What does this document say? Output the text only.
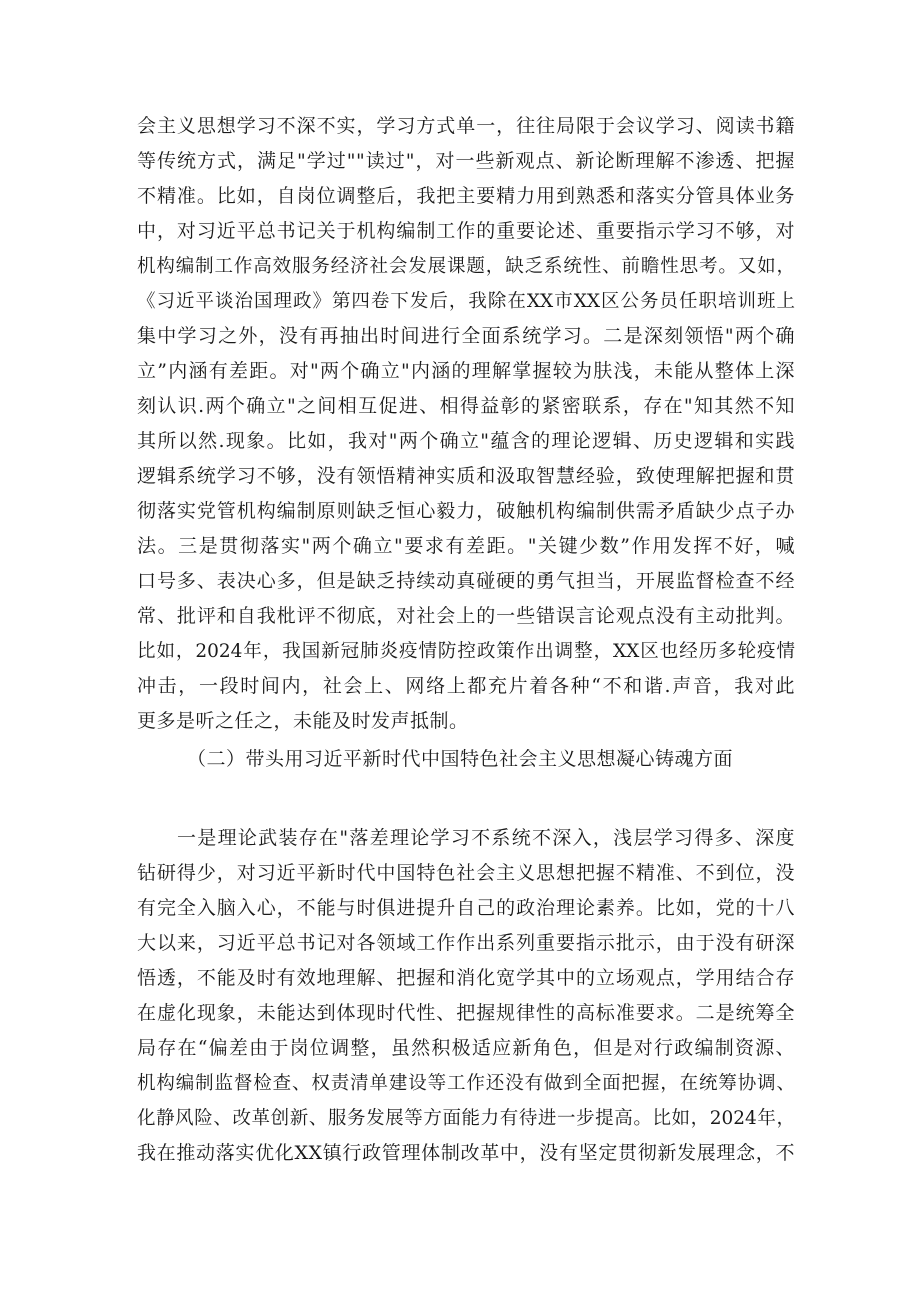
会主义思想学习不深不实，学习方式单一，往往局限于会议学习、阅读书籍
等传统方式，满足"学过""读过"，对一些新观点、新论断理解不渗透、把握
不精准。比如，自岗位调整后，我把主要精力用到熟悉和落实分管具体业务
中，对习近平总书记关于机构编制工作的重要论述、重要指示学习不够，对
机构编制工作高效服务经济社会发展课题，缺乏系统性、前瞻性思考。又如，
《习近平谈治国理政》第四卷下发后，我除在XX市XX区公务员任职培训班上
集中学习之外，没有再抽出时间进行全面系统学习。二是深刻领悟"两个确
立”内涵有差距。对"两个确立"内涵的理解掌握较为肤浅，未能从整体上深
刻认识.两个确立"之间相互促进、相得益彰的紧密联系，存在"知其然不知
其所以然.现象。比如，我对"两个确立"蕴含的理论逻辑、历史逻辑和实践
逻辑系统学习不够，没有领悟精神实质和汲取智慧经验，致使理解把握和贯
彻落实党管机构编制原则缺乏恒心毅力，破触机构编制供需矛盾缺少点子办
法。三是贯彻落实"两个确立"要求有差距。"关键少数”作用发挥不好，喊
口号多、表决心多，但是缺乏持续动真碰硬的勇气担当，开展监督检查不经
常、批评和自我枇评不彻底，对社会上的一些错误言论观点没有主动批判。
比如，2024年，我国新冠肺炎疫情防控政策作出调整，XX区也经历多轮疫情
冲击，一段时间内，社会上、网络上都充片着各种“不和谐.声音，我对此
更多是听之任之，未能及时发声抵制。
（二）带头用习近平新时代中国特色社会主义思想凝心铸魂方面
一是理论武装存在"落差理论学习不系统不深入，浅层学习得多、深度
钻研得少，对习近平新时代中国特色社会主义思想把握不精准、不到位，没
有完全入脑入心，不能与时俱进提升自己的政治理论素养。比如，党的十八
大以来，习近平总书记对各领域工作作出系列重要指示批示，由于没有研深
悟透，不能及时有效地理解、把握和消化宽学其中的立场观点，学用结合存
在虚化现象，未能达到体现时代性、把握规律性的高标准要求。二是统筹全
局存在“偏差由于岗位调整，虽然积极适应新角色，但是对行政编制资源、
机构编制监督检查、权责清单建设等工作还没有做到全面把握，在统筹协调、
化静风险、改革创新、服务发展等方面能力有待进一步提高。比如，2024年，
我在推动落实优化XX镇行政管理体制改革中，没有坚定贯彻新发展理念，不
